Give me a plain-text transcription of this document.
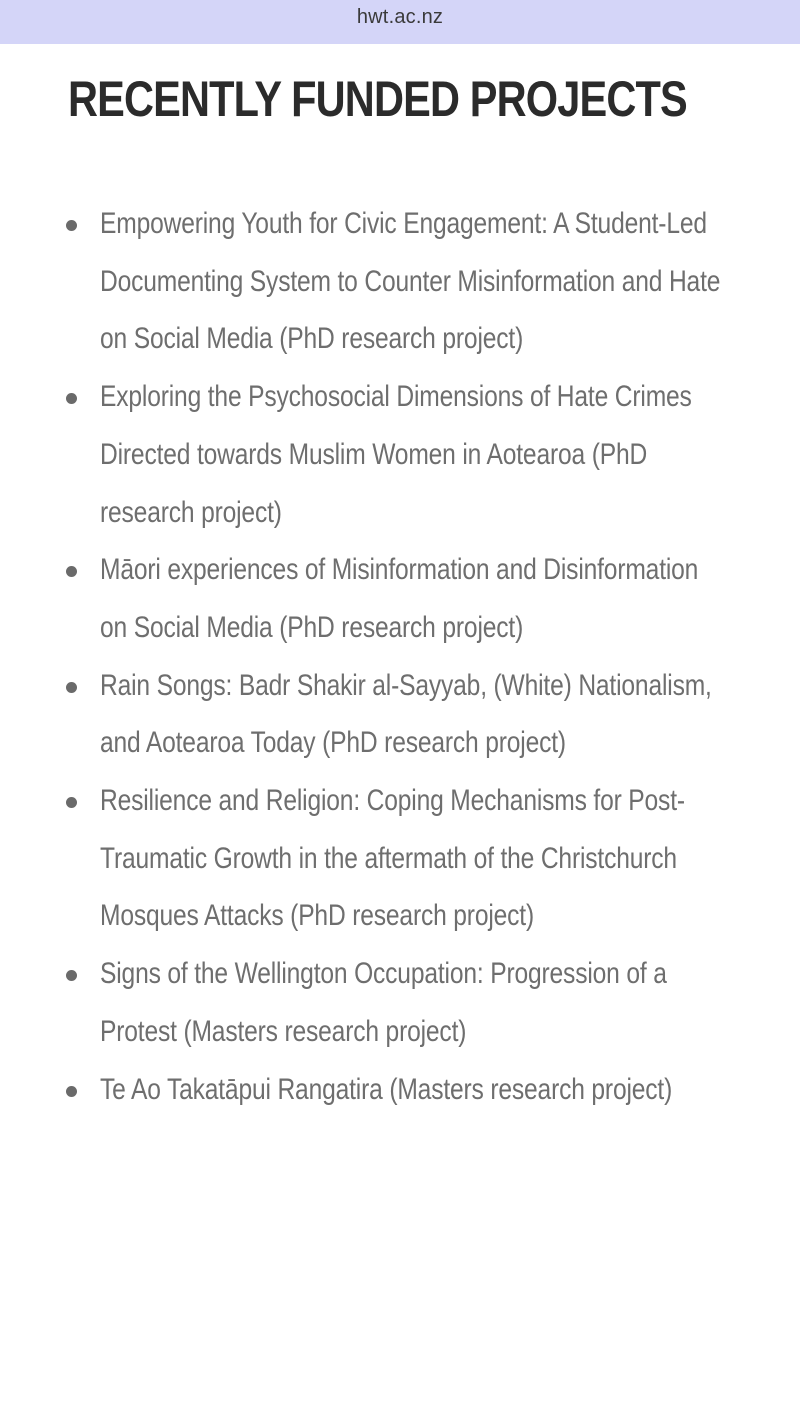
hwt.ac.nz
RECENTLY FUNDED PROJECTS
Empowering Youth for Civic Engagement: A Student-Led Documenting System to Counter Misinformation and Hate on Social Media (PhD research project)
Exploring the Psychosocial Dimensions of Hate Crimes Directed towards Muslim Women in Aotearoa (PhD research project)
Māori experiences of Misinformation and Disinformation on Social Media (PhD research project)
Rain Songs: Badr Shakir al-Sayyab, (White) Nationalism, and Aotearoa Today (PhD research project)
Resilience and Religion: Coping Mechanisms for Post-Traumatic Growth in the aftermath of the Christchurch Mosques Attacks (PhD research project)
Signs of the Wellington Occupation: Progression of a Protest (Masters research project)
Te Ao Takatāpui Rangatira (Masters research project)
